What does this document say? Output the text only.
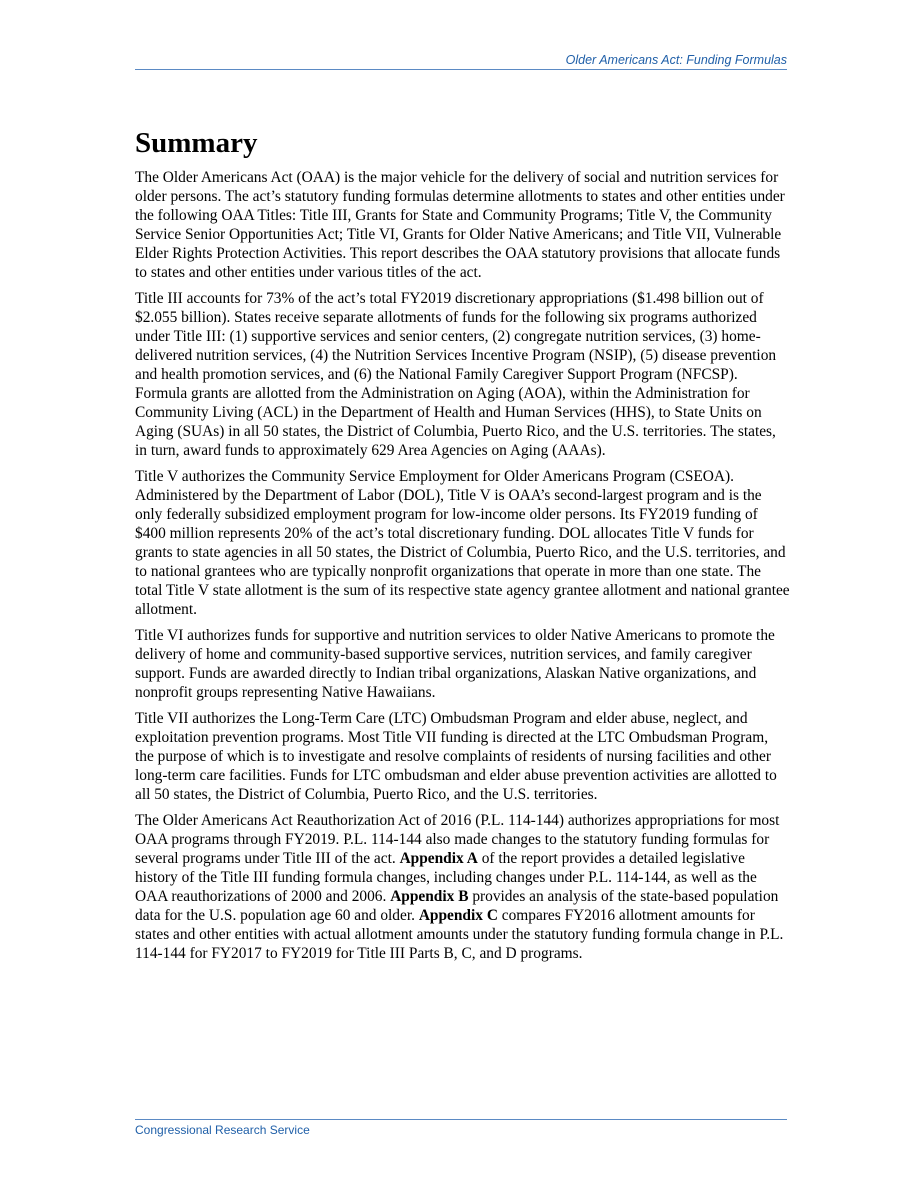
Older Americans Act: Funding Formulas
Summary

The Older Americans Act (OAA) is the major vehicle for the delivery of social and nutrition services for older persons. The act’s statutory funding formulas determine allotments to states and other entities under the following OAA Titles: Title III, Grants for State and Community Programs; Title V, the Community Service Senior Opportunities Act; Title VI, Grants for Older Native Americans; and Title VII, Vulnerable Elder Rights Protection Activities. This report describes the OAA statutory provisions that allocate funds to states and other entities under various titles of the act.

Title III accounts for 73% of the act’s total FY2019 discretionary appropriations ($1.498 billion out of $2.055 billion). States receive separate allotments of funds for the following six programs authorized under Title III: (1) supportive services and senior centers, (2) congregate nutrition services, (3) home-delivered nutrition services, (4) the Nutrition Services Incentive Program (NSIP), (5) disease prevention and health promotion services, and (6) the National Family Caregiver Support Program (NFCSP). Formula grants are allotted from the Administration on Aging (AOA), within the Administration for Community Living (ACL) in the Department of Health and Human Services (HHS), to State Units on Aging (SUAs) in all 50 states, the District of Columbia, Puerto Rico, and the U.S. territories. The states, in turn, award funds to approximately 629 Area Agencies on Aging (AAAs).

Title V authorizes the Community Service Employment for Older Americans Program (CSEOA). Administered by the Department of Labor (DOL), Title V is OAA’s second-largest program and is the only federally subsidized employment program for low-income older persons. Its FY2019 funding of $400 million represents 20% of the act’s total discretionary funding. DOL allocates Title V funds for grants to state agencies in all 50 states, the District of Columbia, Puerto Rico, and the U.S. territories, and to national grantees who are typically nonprofit organizations that operate in more than one state. The total Title V state allotment is the sum of its respective state agency grantee allotment and national grantee allotment.

Title VI authorizes funds for supportive and nutrition services to older Native Americans to promote the delivery of home and community-based supportive services, nutrition services, and family caregiver support. Funds are awarded directly to Indian tribal organizations, Alaskan Native organizations, and nonprofit groups representing Native Hawaiians.

Title VII authorizes the Long-Term Care (LTC) Ombudsman Program and elder abuse, neglect, and exploitation prevention programs. Most Title VII funding is directed at the LTC Ombudsman Program, the purpose of which is to investigate and resolve complaints of residents of nursing facilities and other long-term care facilities. Funds for LTC ombudsman and elder abuse prevention activities are allotted to all 50 states, the District of Columbia, Puerto Rico, and the U.S. territories.

The Older Americans Act Reauthorization Act of 2016 (P.L. 114-144) authorizes appropriations for most OAA programs through FY2019. P.L. 114-144 also made changes to the statutory funding formulas for several programs under Title III of the act. Appendix A of the report provides a detailed legislative history of the Title III funding formula changes, including changes under P.L. 114-144, as well as the OAA reauthorizations of 2000 and 2006. Appendix B provides an analysis of the state-based population data for the U.S. population age 60 and older. Appendix C compares FY2016 allotment amounts for states and other entities with actual allotment amounts under the statutory funding formula change in P.L. 114-144 for FY2017 to FY2019 for Title III Parts B, C, and D programs.

Congressional Research Service
